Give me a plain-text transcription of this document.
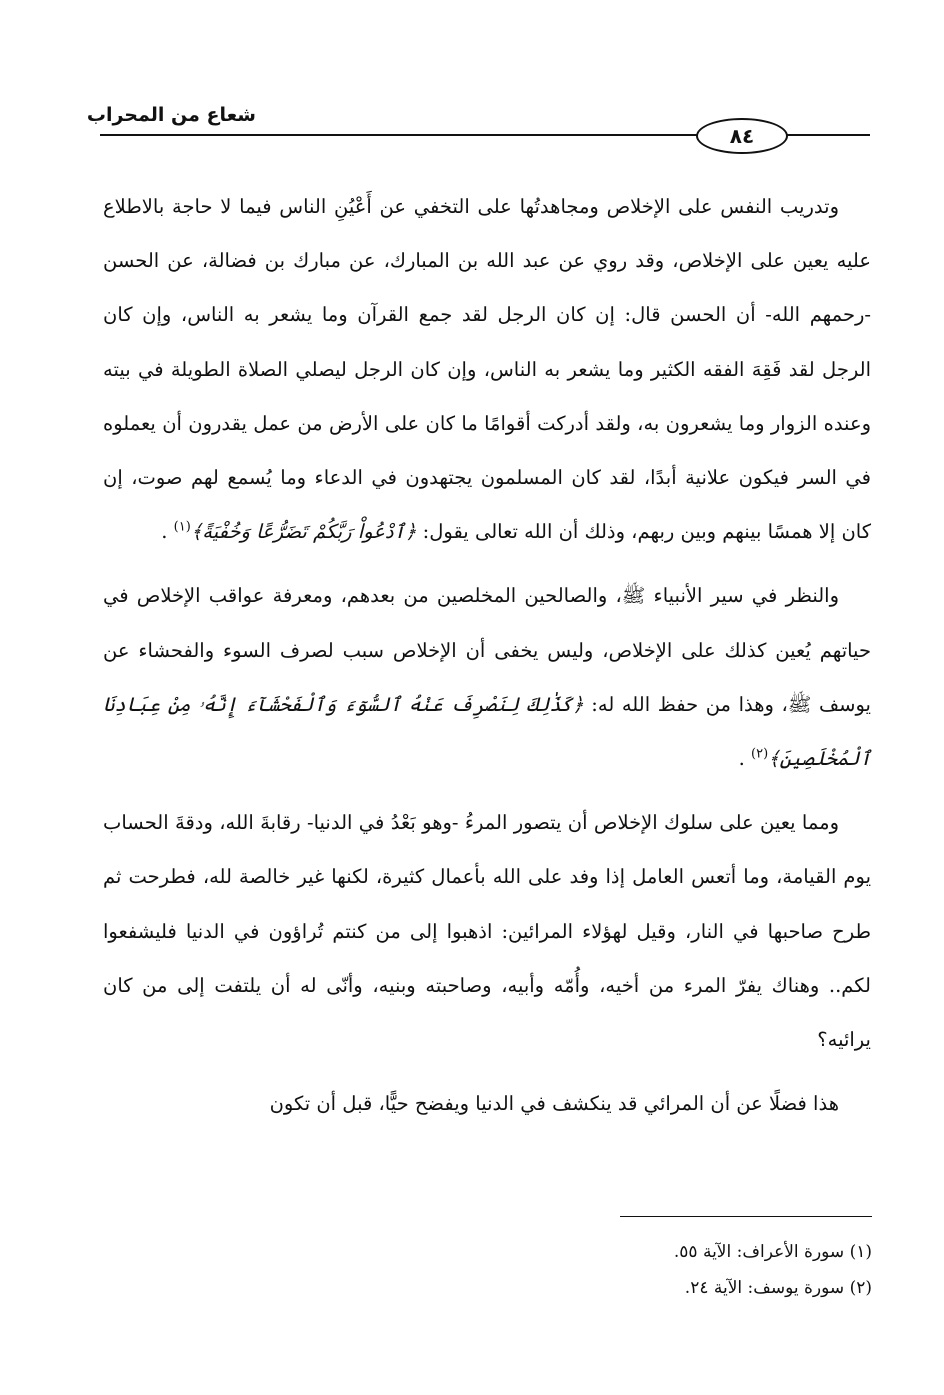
شعاع من المحراب
٨٤

وتدريب النفس على الإخلاص ومجاهدتُها على التخفي عن أَعْيُنِ الناس فيما لا حاجة بالاطلاع عليه يعين على الإخلاص، وقد روي عن عبد الله بن المبارك، عن مبارك بن فضالة، عن الحسن -رحمهم الله- أن الحسن قال: إن كان الرجل لقد جمع القرآن وما يشعر به الناس، وإن كان الرجل لقد فَقِهَ الفقه الكثير وما يشعر به الناس، وإن كان الرجل ليصلي الصلاة الطويلة في بيته وعنده الزوار وما يشعرون به، ولقد أدركت أقوامًا ما كان على الأرض من عمل يقدرون أن يعملوه في السر فيكون علانية أبدًا، لقد كان المسلمون يجتهدون في الدعاء وما يُسمع لهم صوت، إن كان إلا همسًا بينهم وبين ربهم، وذلك أن الله تعالى يقول: ﴿ٱدْعُواْ رَبَّكُمْ تَضَرُّعًا وَخُفْيَةً﴾$^{(١)}$ .

والنظر في سير الأنبياء ﷺ، والصالحين المخلصين من بعدهم، ومعرفة عواقب الإخلاص في حياتهم يُعين كذلك على الإخلاص، وليس يخفى أن الإخلاص سبب لصرف السوء والفحشاء عن يوسف ﷺ، وهذا من حفظ الله له: ﴿كَذَٰلِكَ لِنَصْرِفَ عَنْهُ ٱلسُّوٓءَ وَٱلْفَحْشَآءَ إِنَّهُۥ مِنْ عِبَادِنَا ٱلْمُخْلَصِينَ﴾$^{(٢)}$ .

ومما يعين على سلوك الإخلاص أن يتصور المرءُ -وهو بَعْدُ في الدنيا- رقابةَ الله، ودقةَ الحساب يوم القيامة، وما أتعس العامل إذا وفد على الله بأعمال كثيرة، لكنها غير خالصة لله، فطرحت ثم طرح صاحبها في النار، وقيل لهؤلاء المرائين: اذهبوا إلى من كنتم تُراؤون في الدنيا فليشفعوا لكم.. وهناك يفرّ المرء من أخيه، وأُمّه وأبيه، وصاحبته وبنيه، وأنّى له أن يلتفت إلى من كان يرائيه؟

هذا فضلًا عن أن المرائي قد ينكشف في الدنيا ويفضح حيًّا، قبل أن تكون

(١) سورة الأعراف: الآية ٥٥.
(٢) سورة يوسف: الآية ٢٤.
